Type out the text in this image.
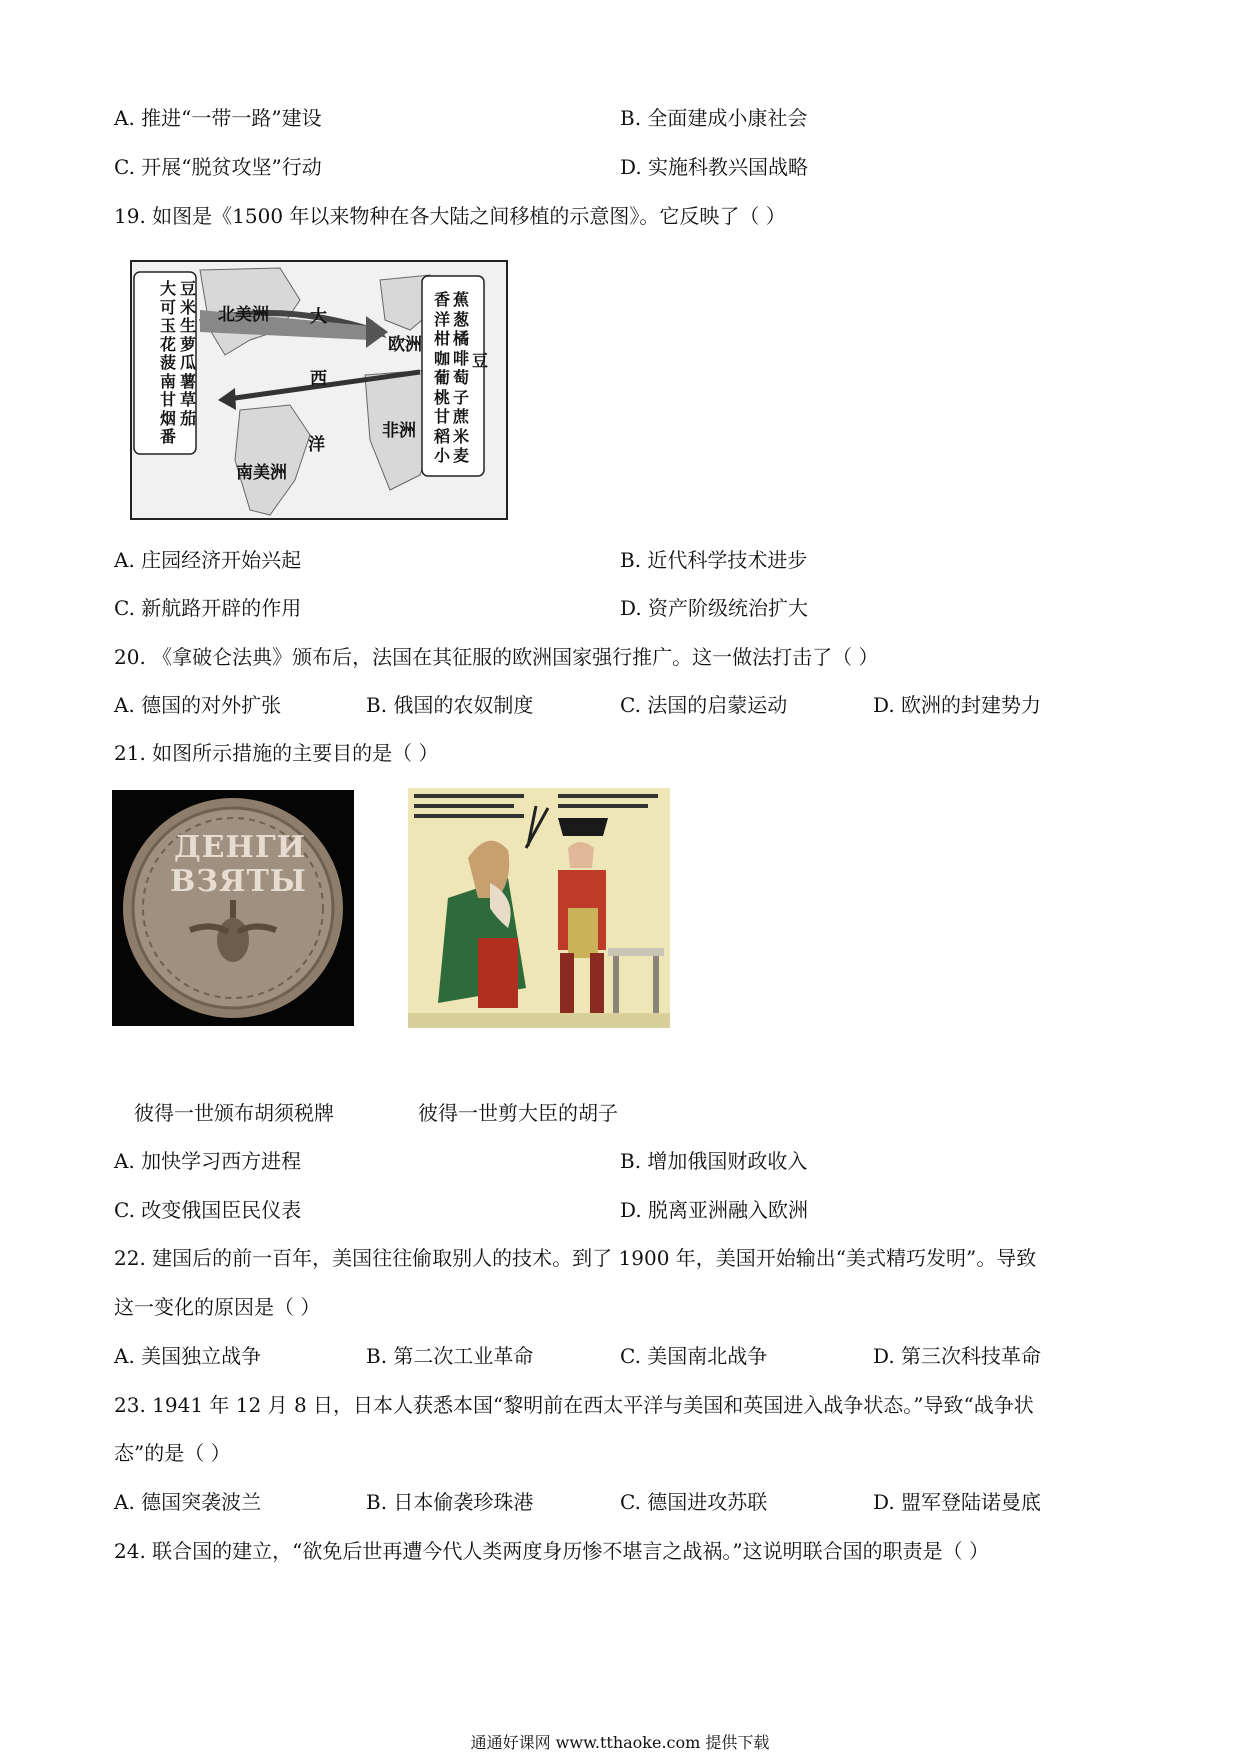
A. 推进“一带一路”建设	B. 全面建成小康社会
C. 开展“脱贫攻坚”行动	D. 实施科教兴国战略
19. 如图是《1500 年以来物种在各大陆之间移植的示意图》。它反映了（ ）
大可玉花菠南甘烟番
豆米生萝瓜薯草茄
香洋柑咖葡桃甘稻小
蕉葱橘啡萄子蔗米麦
豆
北美洲 大
欧洲
西
非洲
洋
南美洲
A. 庄园经济开始兴起	B. 近代科学技术进步
C. 新航路开辟的作用	D. 资产阶级统治扩大
20. 《拿破仑法典》颁布后，法国在其征服的欧洲国家强行推广。这一做法打击了（ ）
A. 德国的对外扩张	B. 俄国的农奴制度	C. 法国的启蒙运动	D. 欧洲的封建势力
21. 如图所示措施的主要目的是（ ）
ДЕНГИ
ВЗЯТЫ
彼得一世颁布胡须税牌	彼得一世剪大臣的胡子
A. 加快学习西方进程	B. 增加俄国财政收入
C. 改变俄国臣民仪表	D. 脱离亚洲融入欧洲
22. 建国后的前一百年，美国往往偷取别人的技术。到了 1900 年，美国开始输出“美式精巧发明”。导致
这一变化的原因是（ ）
A. 美国独立战争	B. 第二次工业革命	C. 美国南北战争	D. 第三次科技革命
23. 1941 年 12 月 8 日，日本人获悉本国“黎明前在西太平洋与美国和英国进入战争状态。”导致“战争状
态”的是（ ）
A. 德国突袭波兰	B. 日本偷袭珍珠港	C. 德国进攻苏联	D. 盟军登陆诺曼底
24. 联合国的建立，“欲免后世再遭今代人类两度身历惨不堪言之战祸。”这说明联合国的职责是（ ）
通通好课网 www.tthaoke.com 提供下载
